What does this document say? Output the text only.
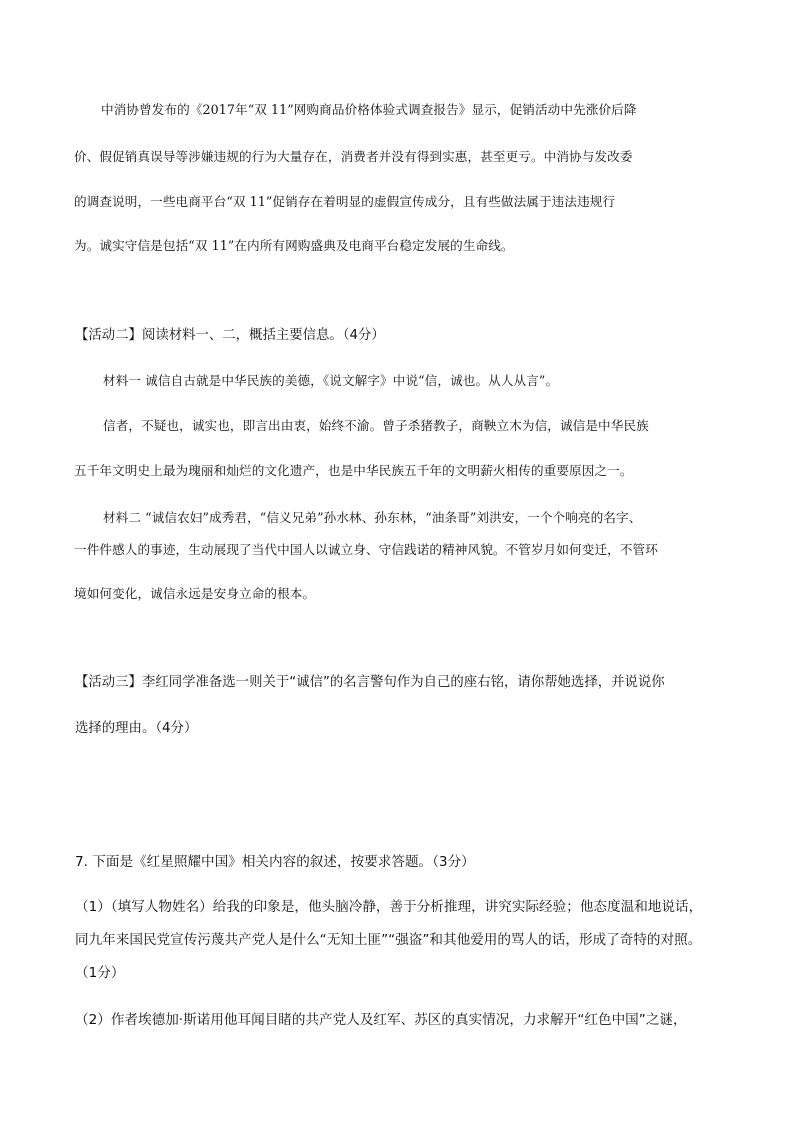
中消协曾发布的《2017年“双 11”网购商品价格体验式调查报告》显示，促销活动中先涨价后降
价、假促销真误导等涉嫌违规的行为大量存在，消费者并没有得到实惠，甚至更亏。中消协与发改委
的调查说明，一些电商平台“双 11”促销存在着明显的虚假宣传成分，且有些做法属于违法违规行
为。诚实守信是包括“双 11”在内所有网购盛典及电商平台稳定发展的生命线。
【活动二】阅读材料一、二，概括主要信息。（4分）
材料一 诚信自古就是中华民族的美德，《说文解字》中说“信，诚也。从人从言”。
信者，不疑也，诚实也，即言出由衷，始终不渝。曾子杀猪教子，商鞅立木为信，诚信是中华民族
五千年文明史上最为瑰丽和灿烂的文化遗产，也是中华民族五千年的文明薪火相传的重要原因之一。
材料二 “诚信农妇”成秀君，“信义兄弟”孙水林、孙东林，“油条哥”刘洪安，一个个响亮的名字、
一件件感人的事迹，生动展现了当代中国人以诚立身、守信践诺的精神风貌。不管岁月如何变迁，不管环
境如何变化，诚信永远是安身立命的根本。
【活动三】李红同学准备选一则关于“诚信”的名言警句作为自己的座右铭，请你帮她选择，并说说你
选择的理由。（4分）
7. 下面是《红星照耀中国》相关内容的叙述，按要求答题。（3分）
（1）（填写人物姓名）给我的印象是，他头脑冷静，善于分析推理，讲究实际经验；他态度温和地说话，
同九年来国民党宣传污蔑共产党人是什么“无知土匪”“强盗”和其他爱用的骂人的话，形成了奇特的对照。
（1分）
（2）作者埃德加·斯诺用他耳闻目睹的共产党人及红军、苏区的真实情况，力求解开“红色中国”之谜，
